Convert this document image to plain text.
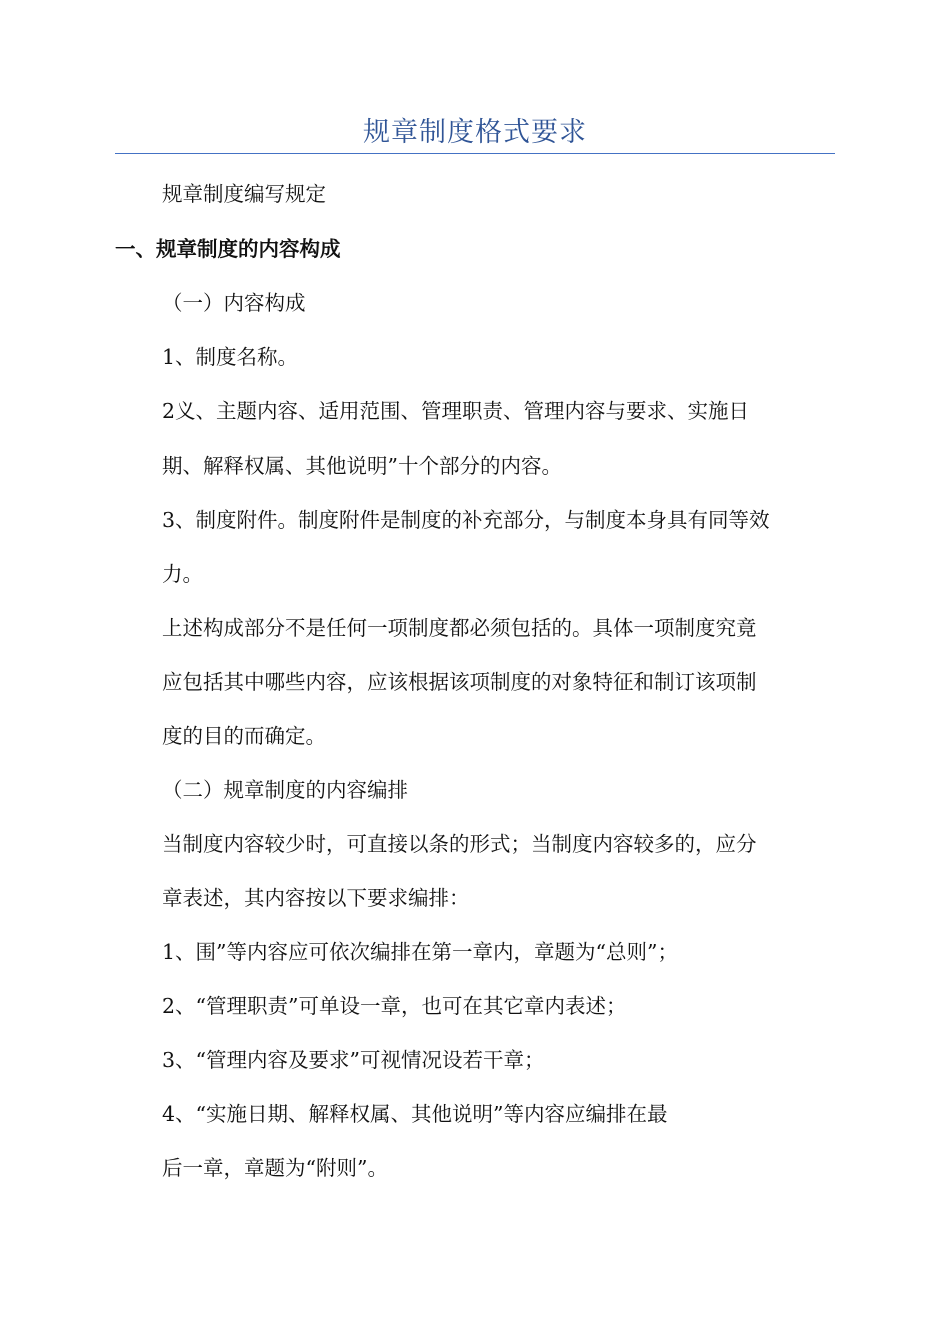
规章制度格式要求
规章制度编写规定
一、规章制度的内容构成
（一）内容构成
1、制度名称。
2义、主题内容、适用范围、管理职责、管理内容与要求、实施日
期、解释权属、其他说明”十个部分的内容。
3、制度附件。制度附件是制度的补充部分，与制度本身具有同等效
力。
上述构成部分不是任何一项制度都必须包括的。具体一项制度究竟
应包括其中哪些内容，应该根据该项制度的对象特征和制订该项制
度的目的而确定。
（二）规章制度的内容编排
当制度内容较少时，可直接以条的形式；当制度内容较多的，应分
章表述，其内容按以下要求编排：
1、围”等内容应可依次编排在第一章内，章题为“总则”；
2、“管理职责”可单设一章，也可在其它章内表述；
3、“管理内容及要求”可视情况设若干章；
4、“实施日期、解释权属、其他说明”等内容应编排在最
后一章，章题为“附则”。
